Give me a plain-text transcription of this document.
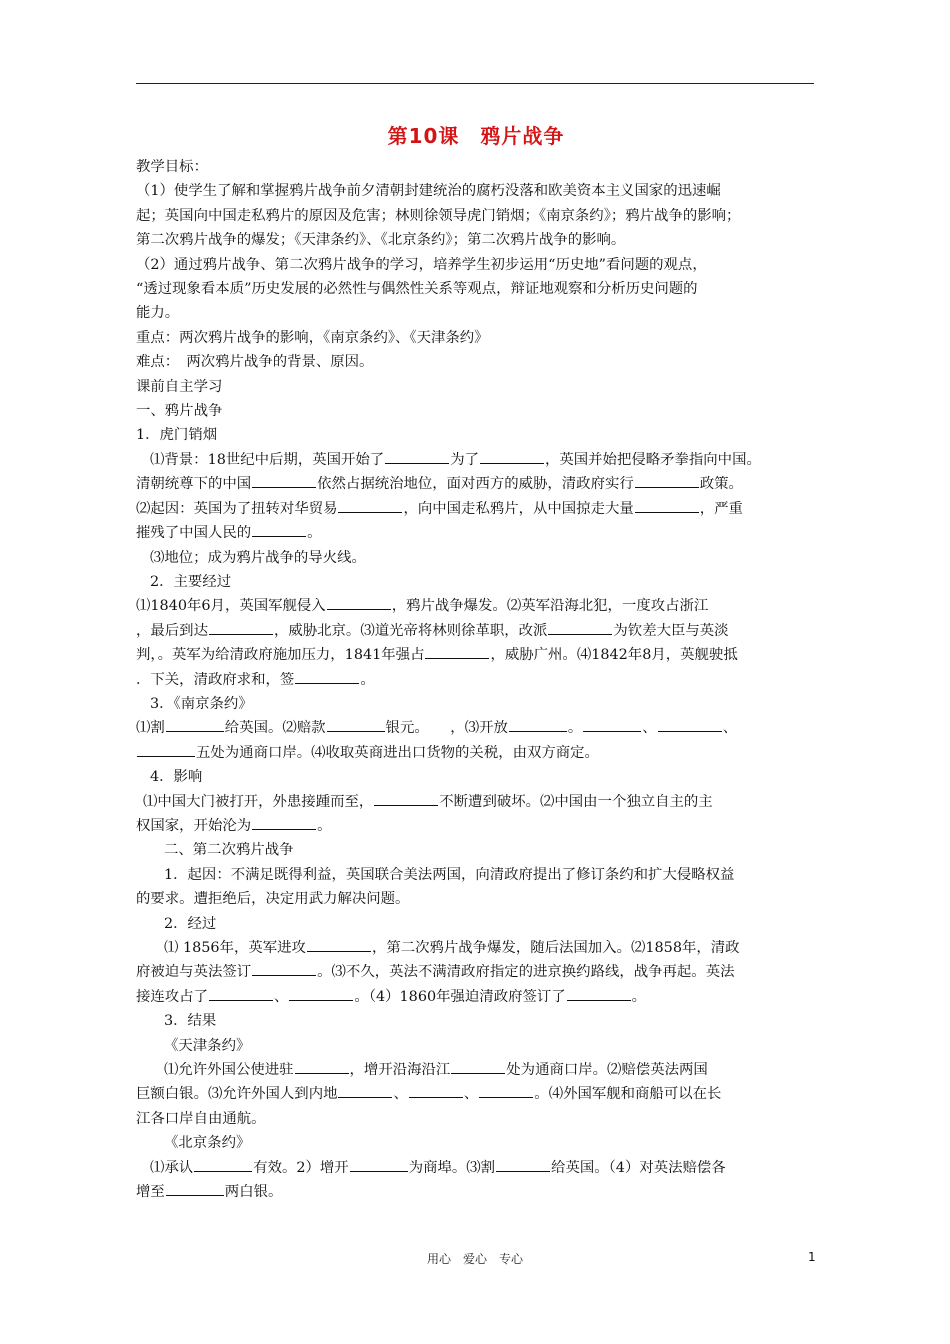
第10课　鸦片战争
教学目标：
（1）使学生了解和掌握鸦片战争前夕清朝封建统治的腐朽没落和欧美资本主义国家的迅速崛
起；英国向中国走私鸦片的原因及危害；林则徐领导虎门销烟；《南京条约》；鸦片战争的影响；
第二次鸦片战争的爆发；《天津条约》、《北京条约》；第二次鸦片战争的影响。
（2）通过鸦片战争、第二次鸦片战争的学习，培养学生初步运用“历史地”看问题的观点，
“透过现象看本质”历史发展的必然性与偶然性关系等观点，辩证地观察和分析历史问题的
能力。
重点：两次鸦片战争的影响，《南京条约》、《天津条约》
难点：　两次鸦片战争的背景、原因。
课前自主学习
一、鸦片战争
1．虎门销烟
⑴背景：18世纪中后期，英国开始了	为了	，英国并始把侵略矛拳指向中国。
清朝统尊下的中国	依然占据统治地位，面对西方的威胁，清政府实行	政策。
⑵起因：英国为了扭转对华贸易	，向中国走私鸦片，从中国掠走大量	，严重
摧残了中国人民的	。
⑶地位；成为鸦片战争的导火线。
2．主要经过
⑴1840年6月，英国军舰侵入	，鸦片战争爆发。⑵英军沿海北犯，一度攻占浙江
，最后到达	，威胁北京。⑶道光帝将林则徐革职，改派	为钦差大臣与英淡
判，。英军为给清政府施加压力，1841年强占	，威胁广州。⑷1842年8月，英舰驶抵
．下关，清政府求和，签	。
3．《南京条约》
⑴割	给英国。⑵赔款	银元。　　，⑶开放	。	、	、
五处为通商口岸。⑷收取英商进出口货物的关税，由双方商定。
4．影响
⑴中国大门被打开，外患接踵而至，	不断遭到破坏。⑵中国由一个独立自主的主
权国家，开始沦为	。
二、第二次鸦片战争
1．起因：不满足既得利益，英国联合美法两国，向清政府提出了修订条约和扩大侵略权益
的要求。遭拒绝后，决定用武力解决问题。
2．经过
⑴ 1856年，英军进攻	，第二次鸦片战争爆发，随后法国加入。⑵1858年，清政
府被迫与英法签订	。⑶不久，英法不满清政府指定的进京换约路线，战争再起。英法
接连攻占了	、	。（4）1860年强迫清政府签订了	。
3．结果
《天津条约》
⑴允许外国公使进驻	，增开沿海沿江	处为通商口岸。⑵赔偿英法两国
巨额白银。⑶允许外国人到内地	、	、	。⑷外国军舰和商船可以在长
江各口岸自由通航。
《北京条约》
⑴承认	有效。2）增开	为商埠。⑶割	给英国。（4）对英法赔偿各
增至	两白银。
用心　爱心　专心	1
